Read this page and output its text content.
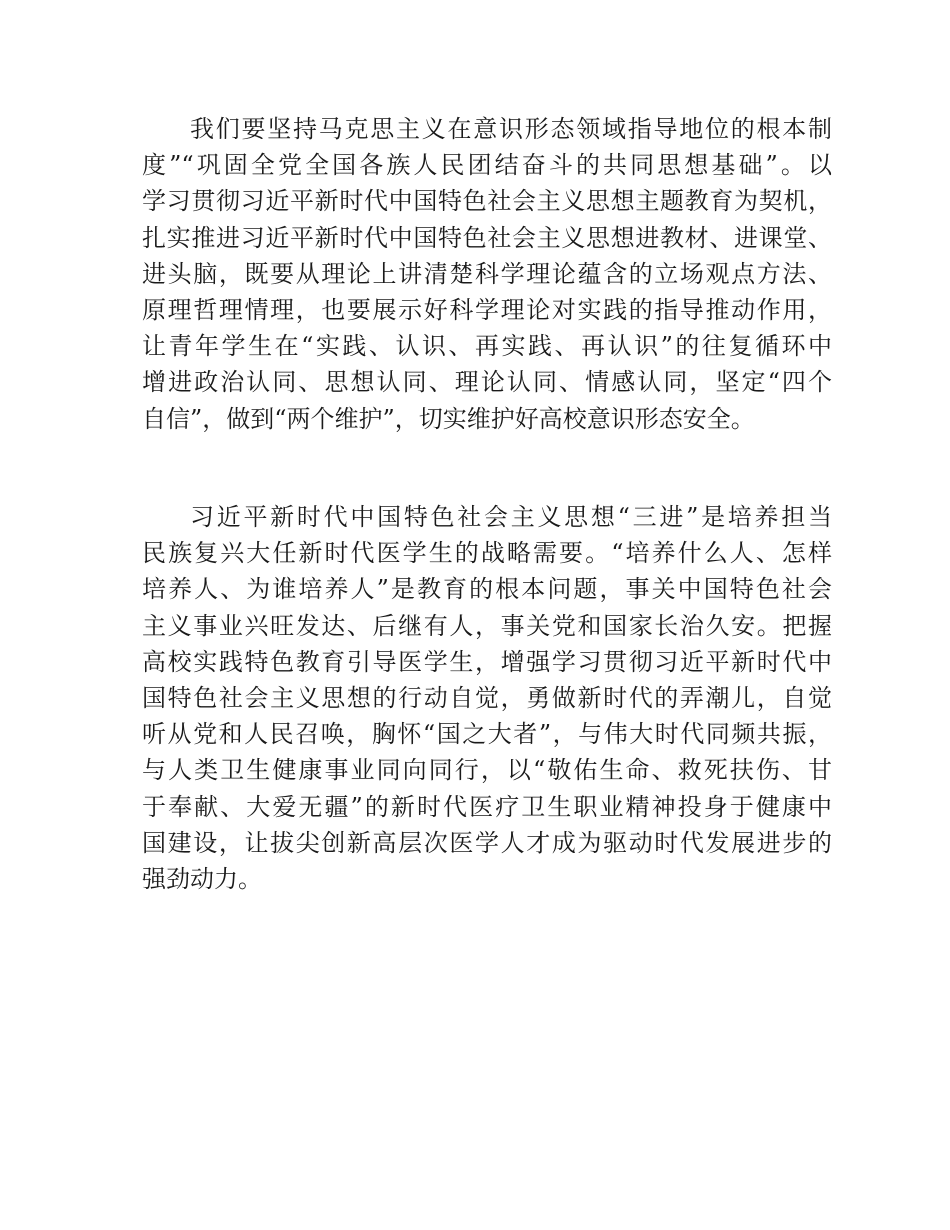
我们要坚持马克思主义在意识形态领域指导地位的根本制
度”“巩固全党全国各族人民团结奋斗的共同思想基础”。以
学习贯彻习近平新时代中国特色社会主义思想主题教育为契机，
扎实推进习近平新时代中国特色社会主义思想进教材、进课堂、
进头脑，既要从理论上讲清楚科学理论蕴含的立场观点方法、
原理哲理情理，也要展示好科学理论对实践的指导推动作用，
让青年学生在“实践、认识、再实践、再认识”的往复循环中
增进政治认同、思想认同、理论认同、情感认同，坚定“四个
自信”，做到“两个维护”，切实维护好高校意识形态安全。

习近平新时代中国特色社会主义思想“三进”是培养担当
民族复兴大任新时代医学生的战略需要。“培养什么人、怎样
培养人、为谁培养人”是教育的根本问题，事关中国特色社会
主义事业兴旺发达、后继有人，事关党和国家长治久安。把握
高校实践特色教育引导医学生，增强学习贯彻习近平新时代中
国特色社会主义思想的行动自觉，勇做新时代的弄潮儿，自觉
听从党和人民召唤，胸怀“国之大者”，与伟大时代同频共振，
与人类卫生健康事业同向同行，以“敬佑生命、救死扶伤、甘
于奉献、大爱无疆”的新时代医疗卫生职业精神投身于健康中
国建设，让拔尖创新高层次医学人才成为驱动时代发展进步的
强劲动力。
